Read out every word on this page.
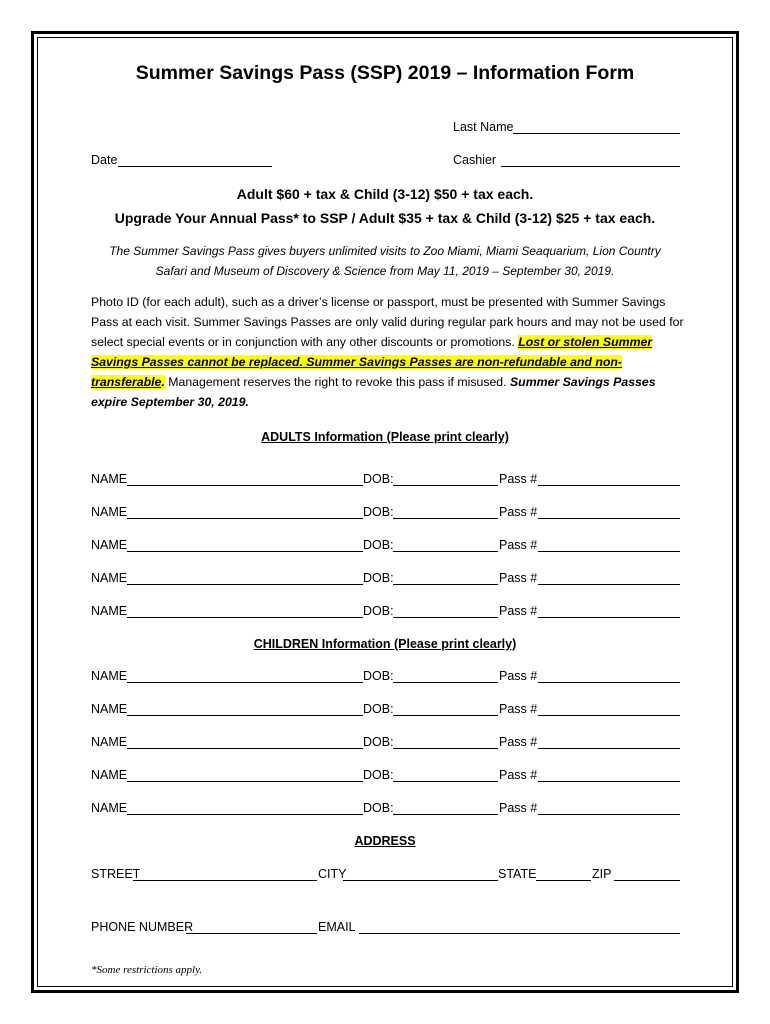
Summer Savings Pass (SSP) 2019 – Information Form
Last Name
Date	Cashier
Adult $60 + tax & Child (3-12) $50 + tax each.
Upgrade Your Annual Pass* to SSP / Adult $35 + tax & Child (3-12) $25 + tax each.
The Summer Savings Pass gives buyers unlimited visits to Zoo Miami, Miami Seaquarium, Lion Country
Safari and Museum of Discovery & Science from May 11, 2019 – September 30, 2019.
Photo ID (for each adult), such as a driver’s license or passport, must be presented with Summer Savings Pass at each visit. Summer Savings Passes are only valid during regular park hours and may not be used for select special events or in conjunction with any other discounts or promotions. Lost or stolen Summer Savings Passes cannot be replaced. Summer Savings Passes are non-refundable and non-transferable. Management reserves the right to revoke this pass if misused. Summer Savings Passes expire September 30, 2019.
ADULTS Information (Please print clearly)
NAME	DOB:	Pass #
NAME	DOB:	Pass #
NAME	DOB:	Pass #
NAME	DOB:	Pass #
NAME	DOB:	Pass #
CHILDREN Information (Please print clearly)
NAME	DOB:	Pass #
NAME	DOB:	Pass #
NAME	DOB:	Pass #
NAME	DOB:	Pass #
NAME	DOB:	Pass #
ADDRESS
STREET	CITY	STATE	ZIP
PHONE NUMBER	EMAIL
*Some restrictions apply.
